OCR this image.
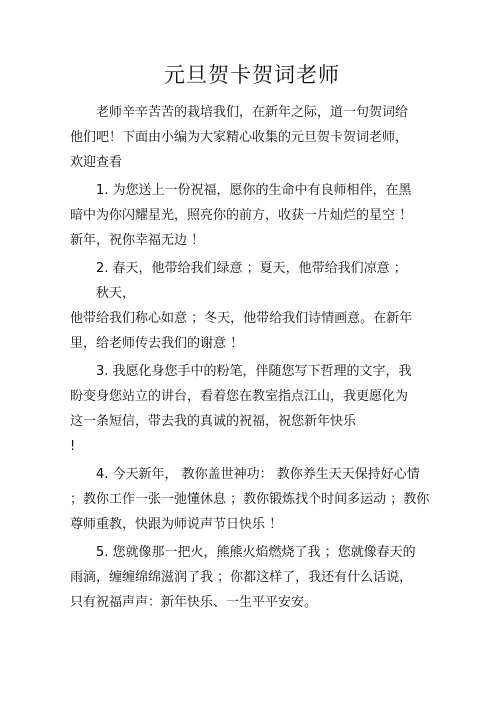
元旦贺卡贺词老师
老师辛辛苦苦的栽培我们，在新年之际，道一句贺词给
他们吧！下面由小编为大家精心收集的元旦贺卡贺词老师，
欢迎查看
1. 为您送上一份祝福，愿你的生命中有良师相伴，在黑
暗中为你闪耀星光，照亮你的前方，收获一片灿烂的星空 ！
新年，祝你幸福无边 ！
2. 春天，他带给我们绿意 ；夏天，他带给我们凉意 ；
秋天，
他带给我们称心如意 ；冬天，他带给我们诗情画意。在新年
里，给老师传去我们的谢意 ！
3. 我愿化身您手中的粉笔，伴随您写下哲理的文字，我
盼变身您站立的讲台，看着您在教室指点江山，我更愿化为
这一条短信，带去我的真诚的祝福，祝您新年快乐
!
4. 今天新年， 教你盖世神功： 教你养生天天保持好心情
；教你工作一张一弛懂休息 ；教你锻炼找个时间多运动 ；教你
尊师重教，快跟为师说声节日快乐 ！
5. 您就像那一把火，熊熊火焰燃烧了我 ；您就像春天的
雨滴，缠缠绵绵滋润了我 ；你都这样了，我还有什么话说，
只有祝福声声：新年快乐、一生平平安安。
